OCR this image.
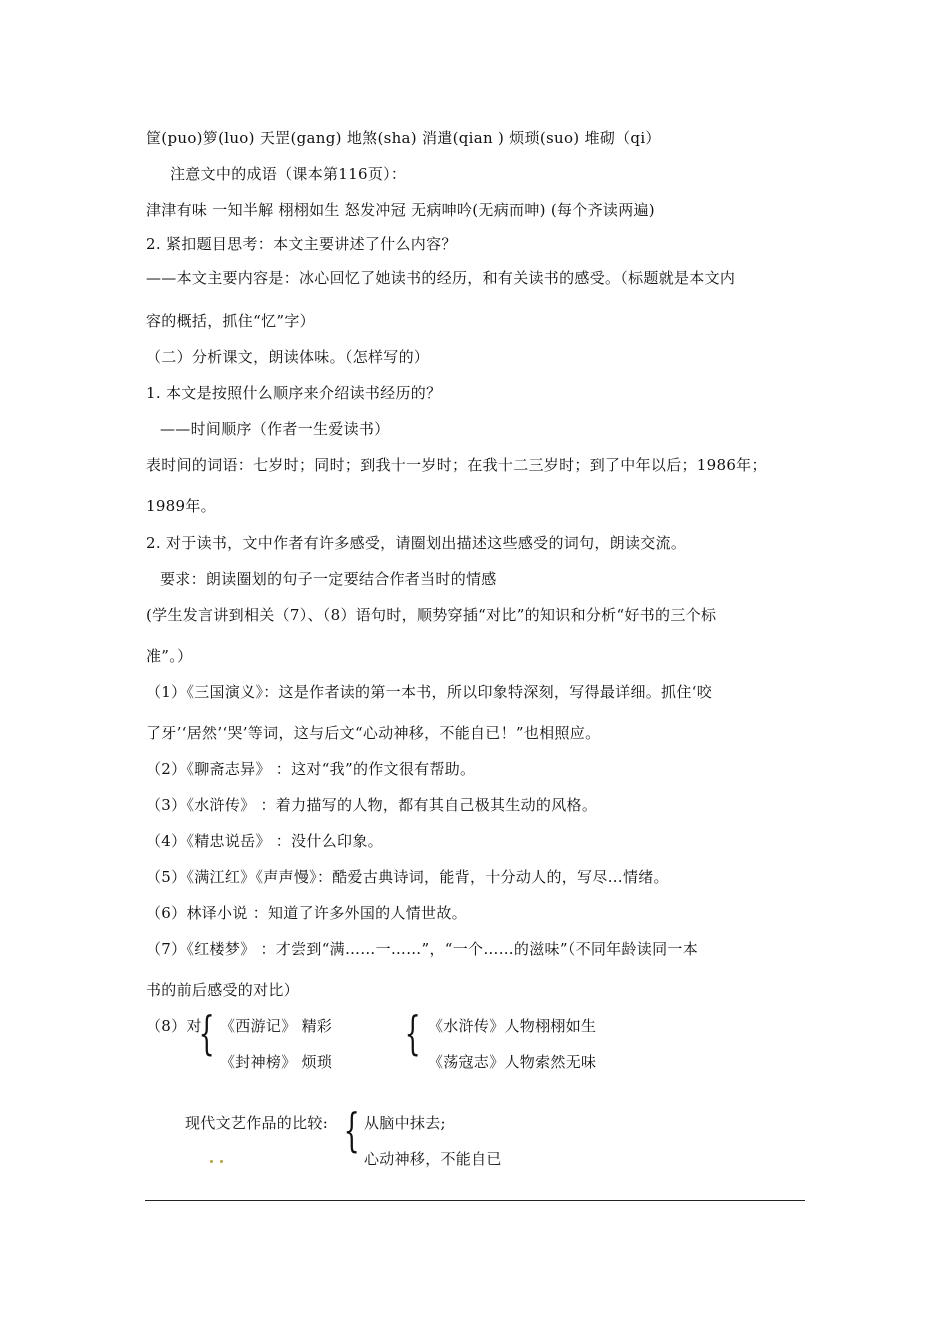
筐(puo)箩(luo) 天罡(gang) 地煞(sha) 消遣(qian ) 烦琐(suo) 堆砌（qi）
注意文中的成语（课本第116页）：
津津有味 一知半解 栩栩如生 怒发冲冠 无病呻吟(无病而呻) (每个齐读两遍)
2. 紧扣题目思考：本文主要讲述了什么内容？
——本文主要内容是：冰心回忆了她读书的经历，和有关读书的感受。（标题就是本文内
容的概括，抓住“忆”字）
（二）分析课文，朗读体味。（怎样写的）
1. 本文是按照什么顺序来介绍读书经历的？
——时间顺序（作者一生爱读书）
表时间的词语：七岁时；同时；到我十一岁时；在我十二三岁时；到了中年以后；1986年；
1989年。
2. 对于读书，文中作者有许多感受，请圈划出描述这些感受的词句，朗读交流。
要求：朗读圈划的句子一定要结合作者当时的情感
(学生发言讲到相关（7）、（8）语句时，顺势穿插“对比”的知识和分析“好书的三个标
准”。）
（1）《三国演义》：这是作者读的第一本书，所以印象特深刻，写得最详细。抓住‘咬
了牙’‘居然’‘哭’等词，这与后文“心动神移，不能自已！”也相照应。
（2）《聊斋志异》 ：这对“我”的作文很有帮助。
（3）《水浒传》 ：着力描写的人物，都有其自己极其生动的风格。
（4）《精忠说岳》 ：没什么印象。
（5）《满江红》《声声慢》：酷爱古典诗词，能背，十分动人的，写尽…情绪。
（6）林译小说 ：知道了许多外国的人情世故。
（7）《红楼梦》 ：才尝到“满……一……”，“一个……的滋味”（不同年龄读同一本
书的前后感受的对比）
（8）对
{ 《西游记》 精彩
《封神榜》 烦琐
{ 《水浒传》人物栩栩如生
《荡寇志》人物索然无味
现代文艺作品的比较: { 从脑中抹去;
心动神移，不能自已
